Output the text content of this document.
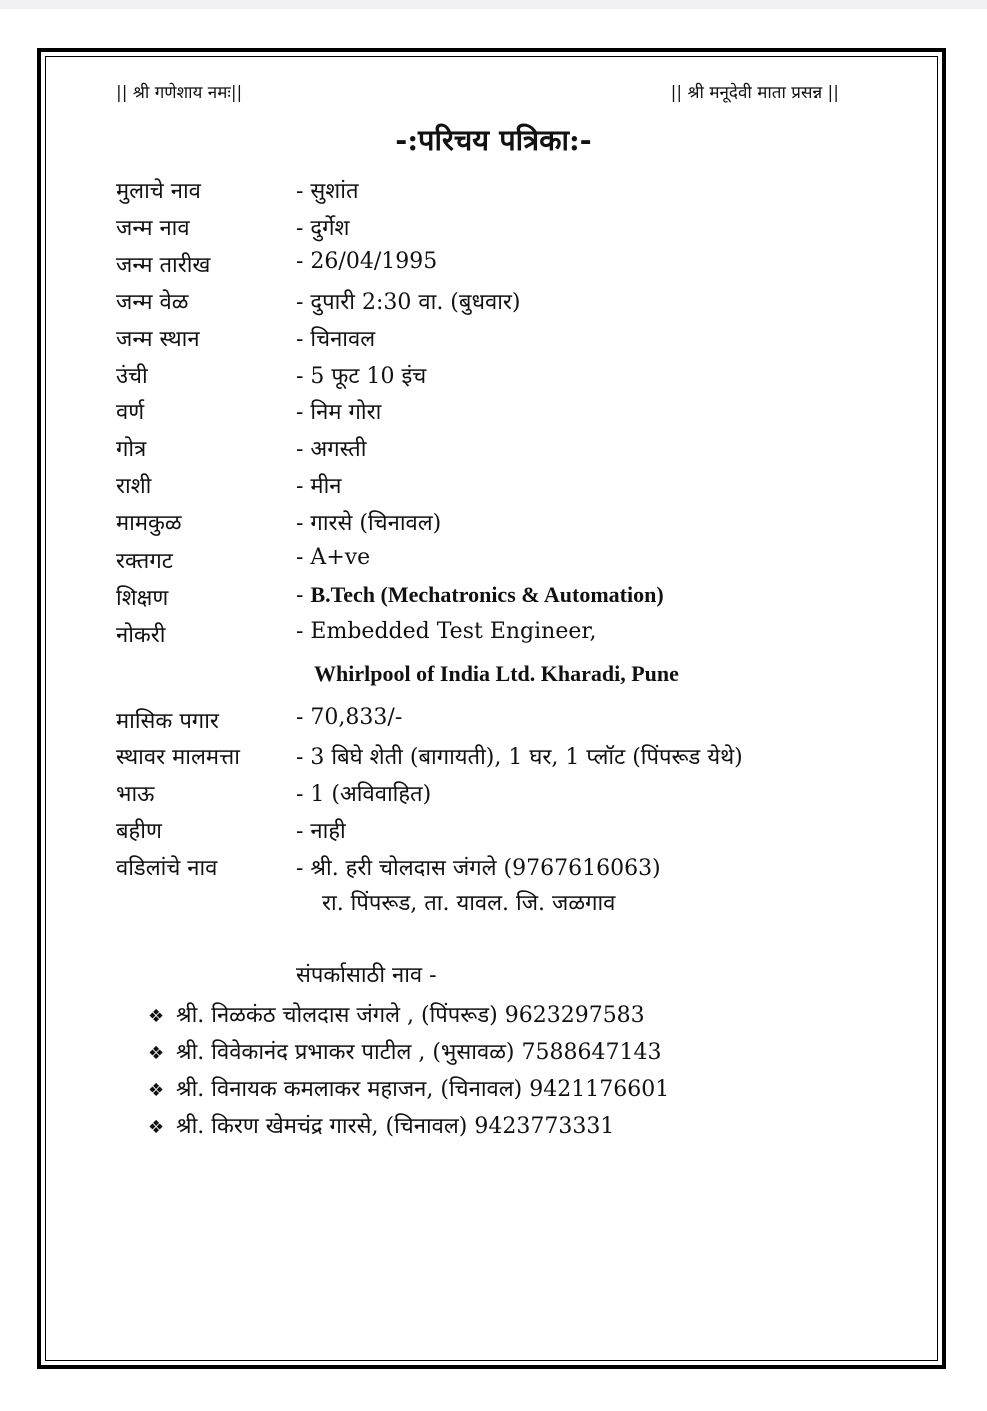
|| श्री गणेशाय नमः||	|| श्री मनूदेवी माता प्रसन्न ||
-:परिचय पत्रिका:-
मुलाचे नाव	- सुशांत
जन्म नाव	- दुर्गेश
जन्म तारीख	- 26/04/1995
जन्म वेळ	- दुपारी 2:30 वा. (बुधवार)
जन्म स्थान	- चिनावल
उंची	- 5 फूट 10 इंच
वर्ण	- निम गोरा
गोत्र	- अगस्ती
राशी	- मीन
मामकुळ	- गारसे (चिनावल)
रक्तगट	- A+ve
शिक्षण	- B.Tech (Mechatronics & Automation)
नोकरी	- Embedded Test Engineer,
Whirlpool of India Ltd. Kharadi, Pune
मासिक पगार	- 70,833/-
स्थावर मालमत्ता	- 3 बिघे शेती (बागायती), 1 घर, 1 प्लॉट (पिंपरूड येथे)
भाऊ	- 1 (अविवाहित)
बहीण	- नाही
वडिलांचे नाव	- श्री. हरी चोलदास जंगले (9767616063)
रा. पिंपरूड, ता. यावल. जि. जळगाव
संपर्कासाठी नाव -
❖ श्री. निळकंठ चोलदास जंगले , (पिंपरूड) 9623297583
❖ श्री. विवेकानंद प्रभाकर पाटील , (भुसावळ) 7588647143
❖ श्री. विनायक कमलाकर महाजन, (चिनावल) 9421176601
❖ श्री. किरण खेमचंद्र गारसे, (चिनावल) 9423773331
